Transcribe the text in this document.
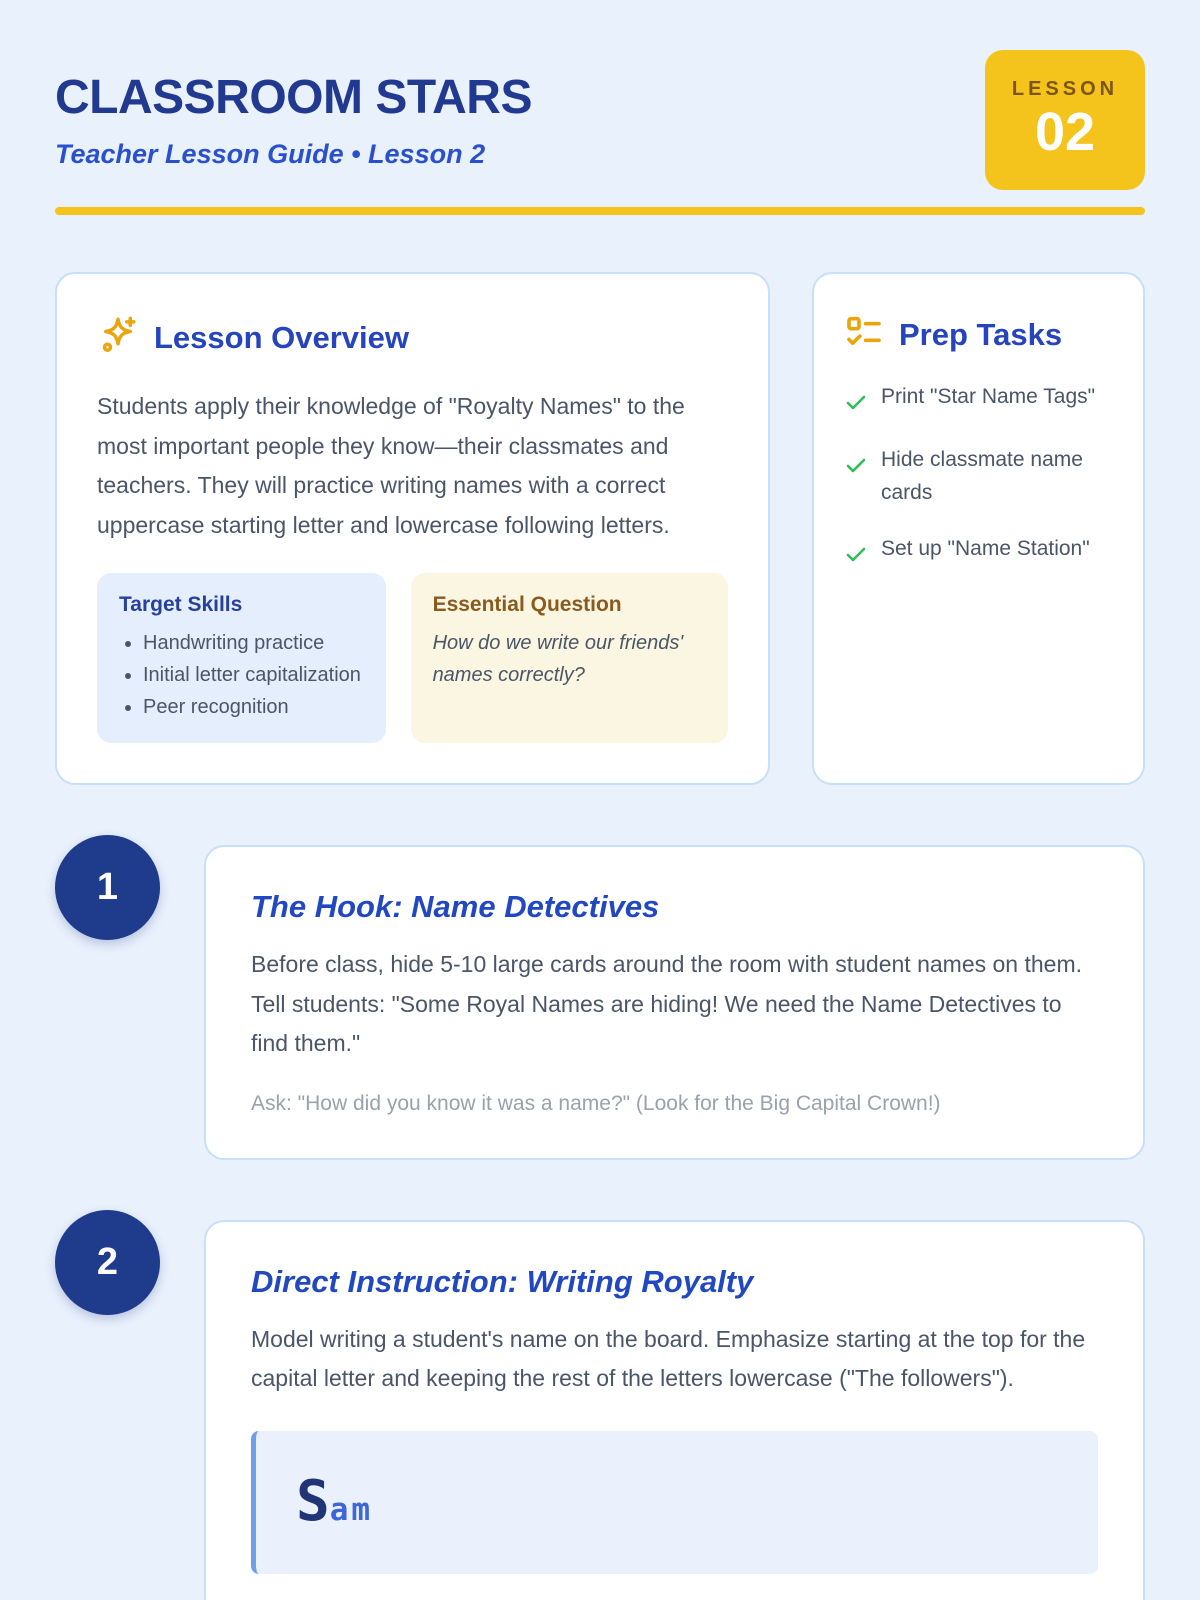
CLASSROOM STARS
Teacher Lesson Guide • Lesson 2
LESSON
02
Lesson Overview
Students apply their knowledge of "Royalty Names" to the most important people they know—their classmates and teachers. They will practice writing names with a correct uppercase starting letter and lowercase following letters.
Target Skills
• Handwriting practice
• Initial letter capitalization
• Peer recognition
Essential Question
How do we write our friends' names correctly?
Prep Tasks
Print "Star Name Tags"
Hide classmate name cards
Set up "Name Station"
1	The Hook: Name Detectives
Before class, hide 5-10 large cards around the room with student names on them. Tell students: "Some Royal Names are hiding! We need the Name Detectives to find them."
Ask: "How did you know it was a name?" (Look for the Big Capital Crown!)
2	Direct Instruction: Writing Royalty
Model writing a student's name on the board. Emphasize starting at the top for the capital letter and keeping the rest of the letters lowercase ("The followers").
Sam
